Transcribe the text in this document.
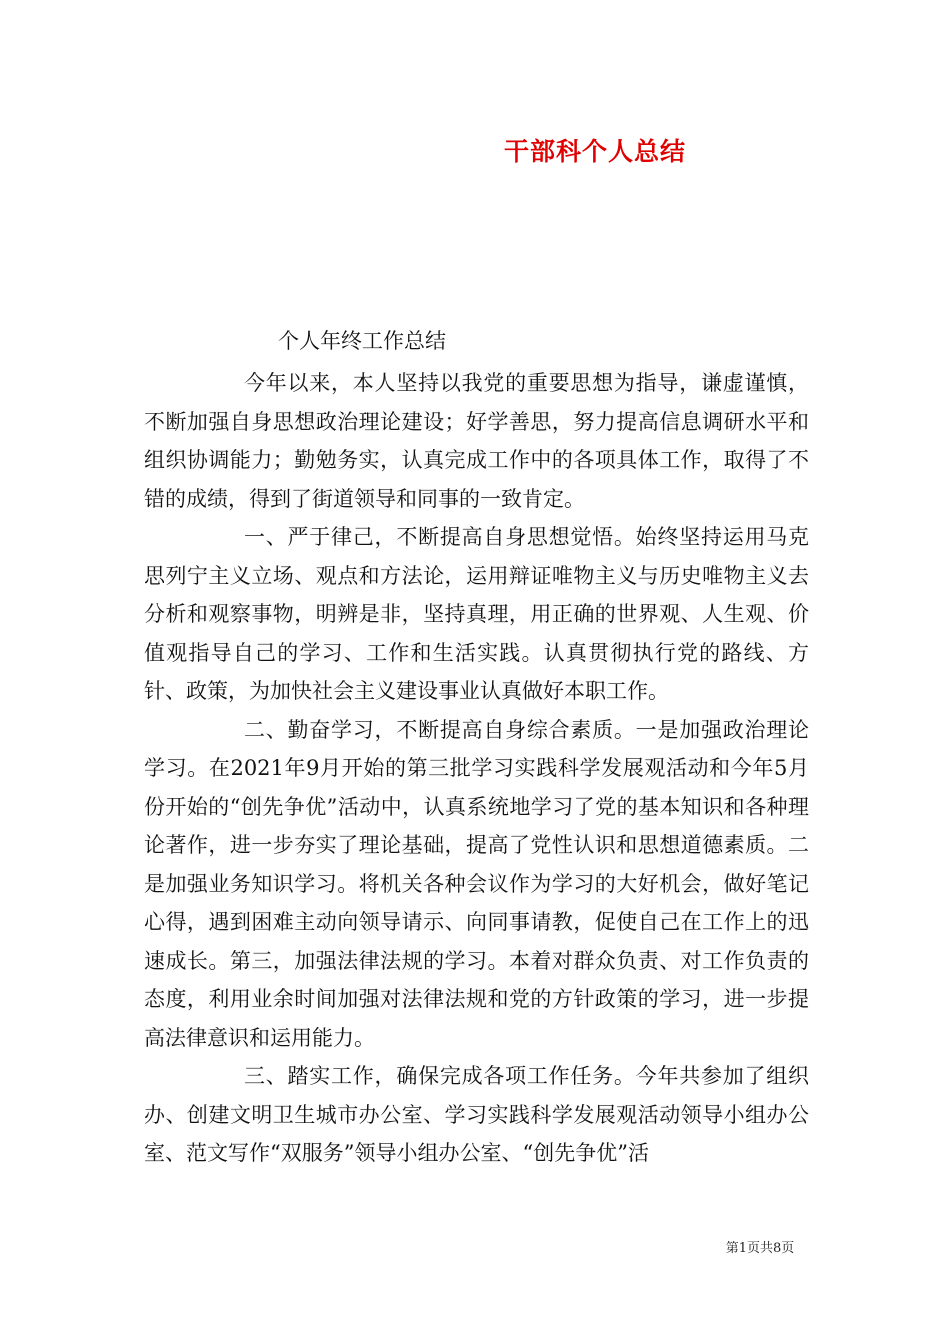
干部科个人总结
个人年终工作总结

今年以来，本人坚持以我党的重要思想为指导，谦虚谨慎，不断加强自身思想政治理论建设；好学善思，努力提高信息调研水平和组织协调能力；勤勉务实，认真完成工作中的各项具体工作，取得了不错的成绩，得到了街道领导和同事的一致肯定。

一、严于律己，不断提高自身思想觉悟。始终坚持运用马克思列宁主义立场、观点和方法论，运用辩证唯物主义与历史唯物主义去分析和观察事物，明辨是非，坚持真理，用正确的世界观、人生观、价值观指导自己的学习、工作和生活实践。认真贯彻执行党的路线、方针、政策，为加快社会主义建设事业认真做好本职工作。

二、勤奋学习，不断提高自身综合素质。一是加强政治理论学习。在2021年9月开始的第三批学习实践科学发展观活动和今年5月份开始的“创先争优”活动中，认真系统地学习了党的基本知识和各种理论著作，进一步夯实了理论基础，提高了党性认识和思想道德素质。二是加强业务知识学习。将机关各种会议作为学习的大好机会，做好笔记心得，遇到困难主动向领导请示、向同事请教，促使自己在工作上的迅速成长。第三，加强法律法规的学习。本着对群众负责、对工作负责的态度，利用业余时间加强对法律法规和党的方针政策的学习，进一步提高法律意识和运用能力。

三、踏实工作，确保完成各项工作任务。今年共参加了组织办、创建文明卫生城市办公室、学习实践科学发展观活动领导小组办公室、范文写作“双服务”领导小组办公室、“创先争优”活

第1页共8页
